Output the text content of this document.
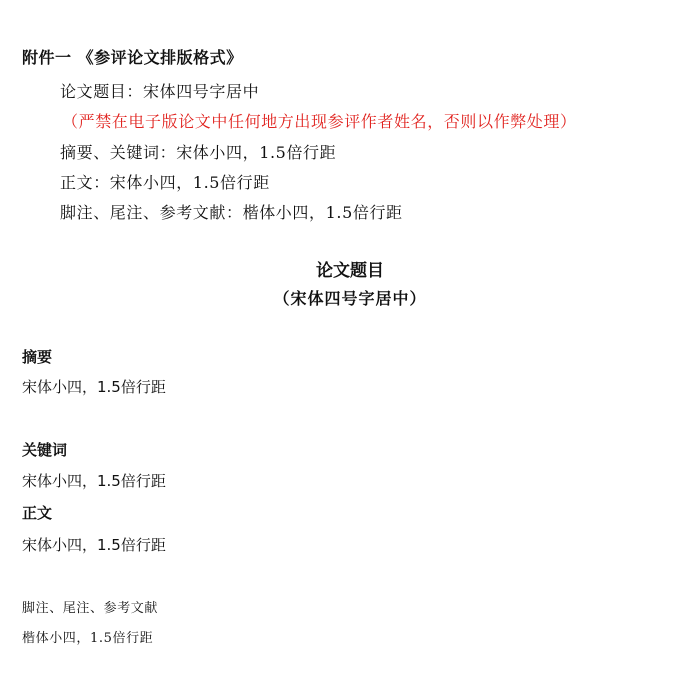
附件一 《参评论文排版格式》
论文题目：宋体四号字居中
（严禁在电子版论文中任何地方出现参评作者姓名，否则以作弊处理）
摘要、关键词：宋体小四，1.5倍行距
正文：宋体小四，1.5倍行距
脚注、尾注、参考文献：楷体小四，1.5倍行距
论文题目
（宋体四号字居中）
摘要
宋体小四，1.5倍行距
关键词
宋体小四，1.5倍行距
正文
宋体小四，1.5倍行距
脚注、尾注、参考文献
楷体小四，1.5倍行距
